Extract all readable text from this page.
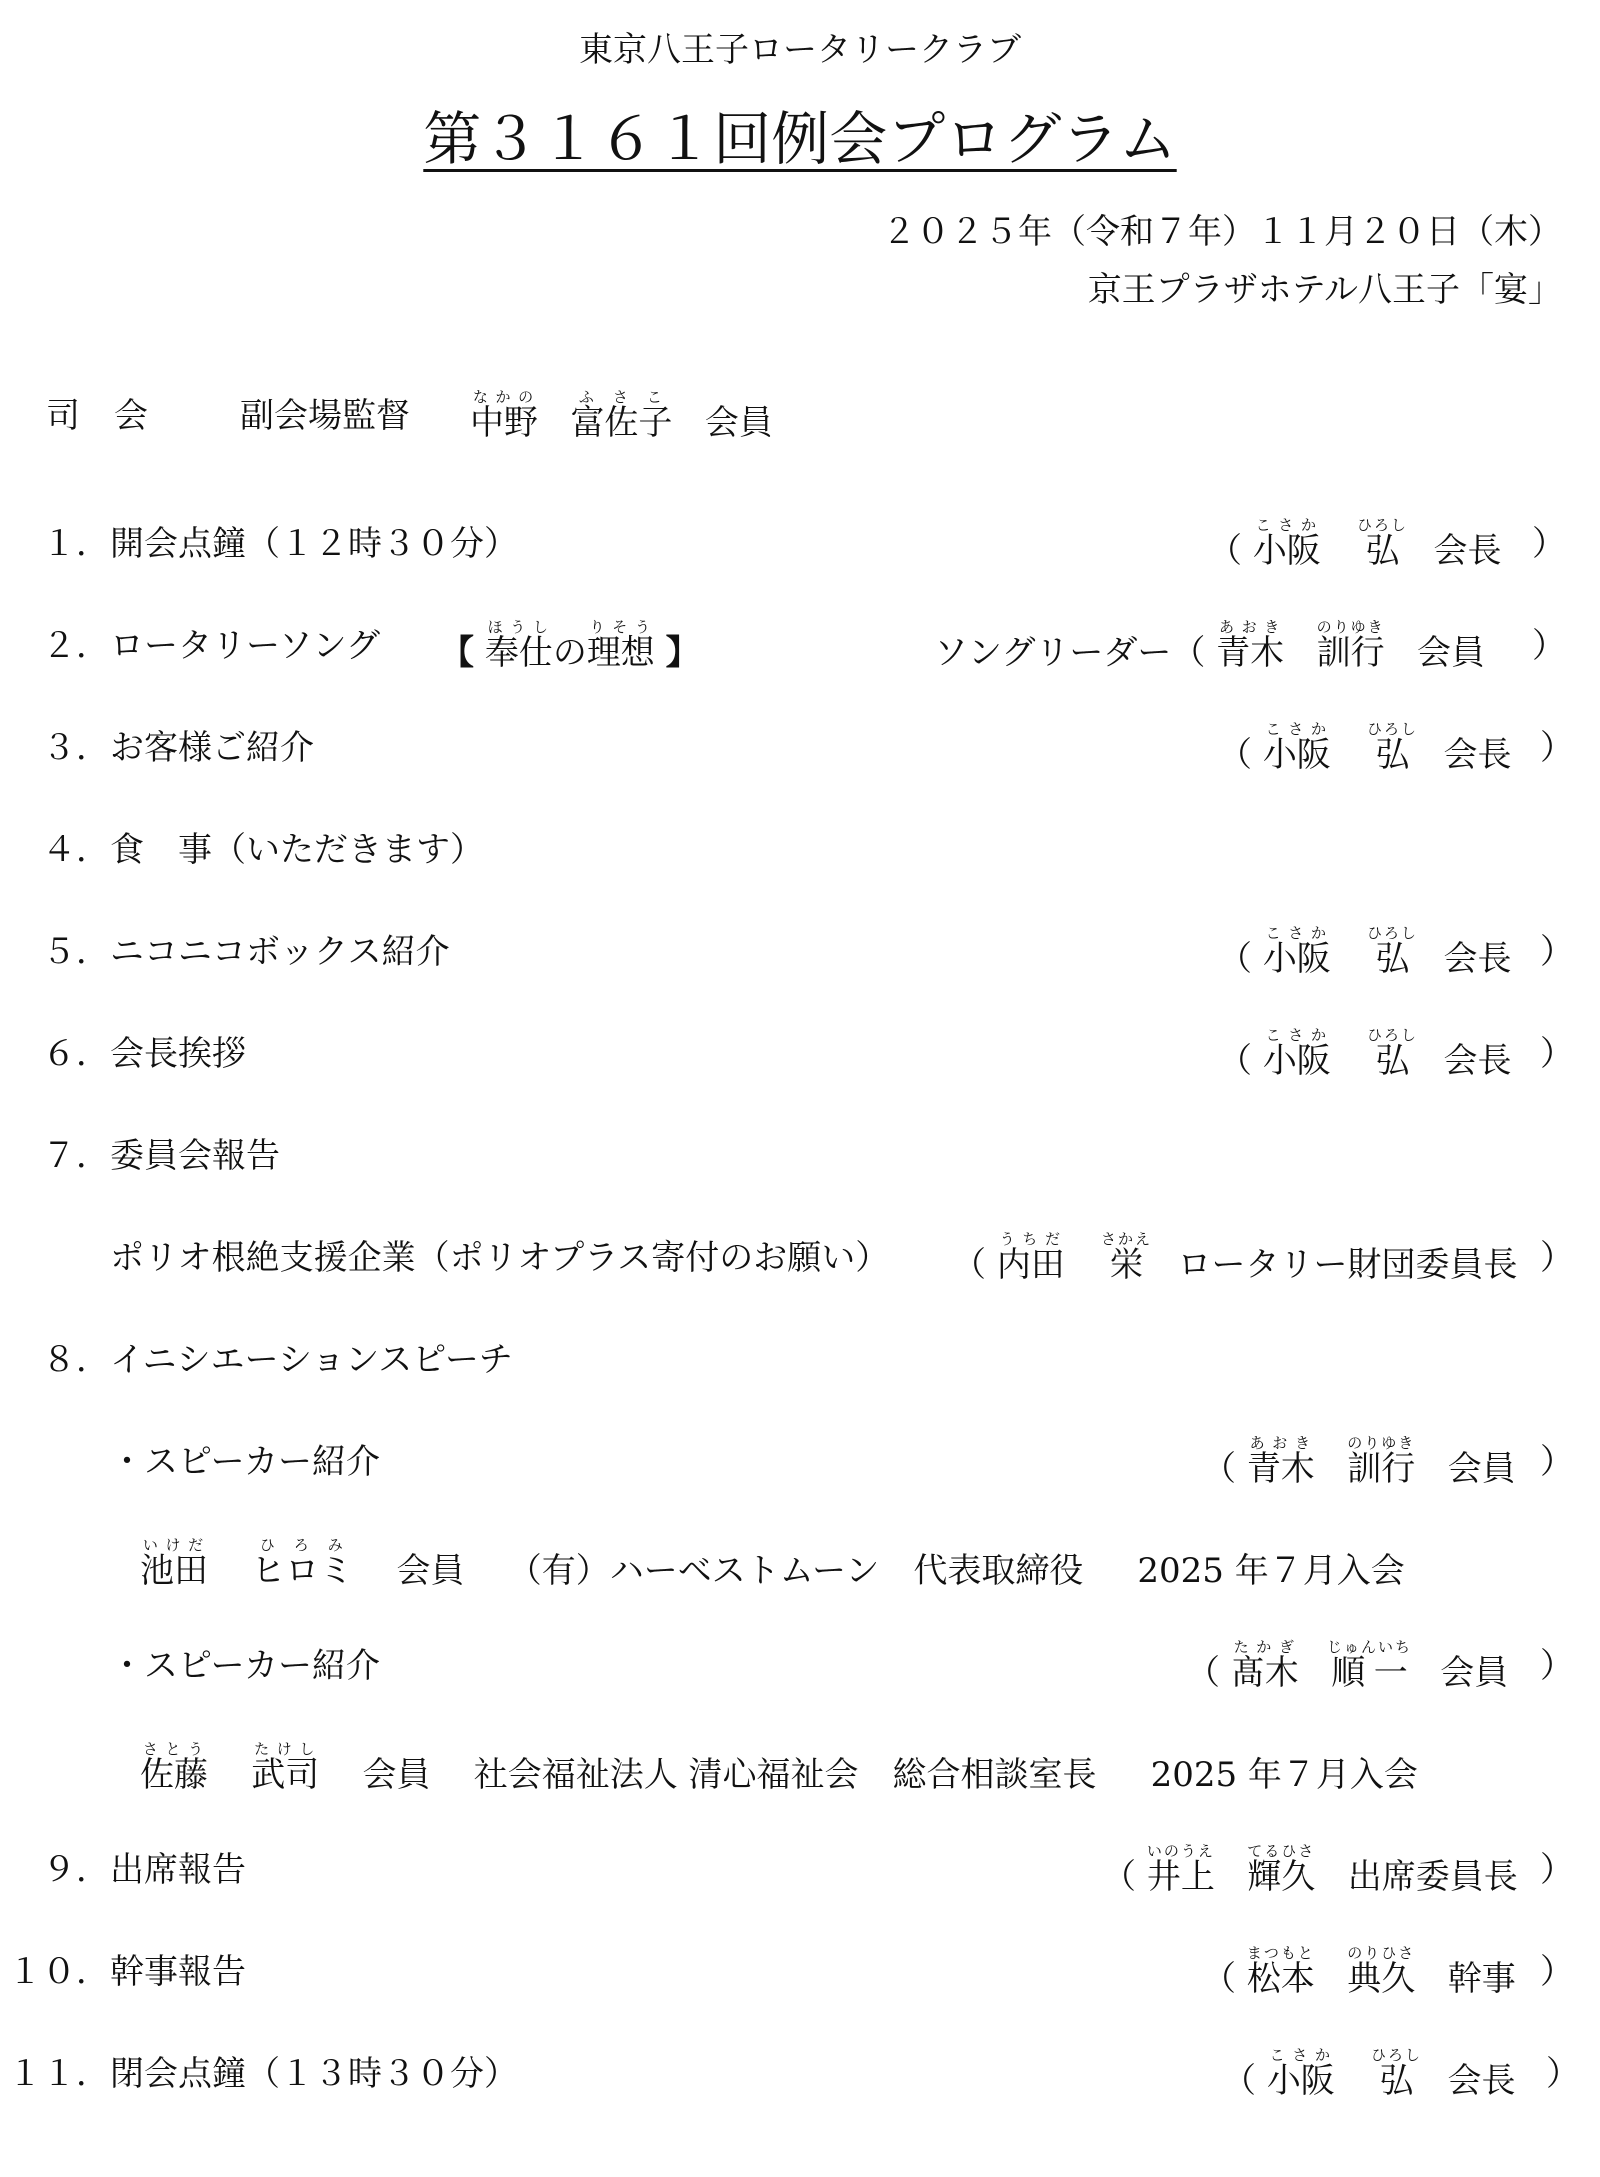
東京八王子ロータリークラブ
第３１６１回例会プログラム
２０２５年（令和７年）１１月２０日（木）
京王プラザホテル八王子「宴」
司　会	副会場監督 中野なかの   富佐子ふさこ   会員
１．開会点鐘（１２時３０分）	（ 小阪こさか    弘ひろし   会長 ）
２．ロータリーソング 【 奉仕ほうしの理想りそう 】	ソングリーダー（ 青木あおき   訓行のりゆき   会員 ）
３．お客様ご紹介	（ 小阪こさか    弘ひろし   会長 ）
４．食　事（いただきます）
５．ニコニコボックス紹介	（ 小阪こさか    弘ひろし   会長 ）
６．会長挨拶	（ 小阪こさか    弘ひろし   会長 ）
７．委員会報告
ポリオ根絶支援企業（ポリオプラス寄付のお願い） （ 内田うちだ    栄さかえ   ロータリー財団委員長 ）
８．イニシエーションスピーチ
・スピーカー紹介	（ 青木あおき   訓行のりゆき   会員 ）
池田いけだ    ヒロミひろみ    会員 （有）ハーベストムーン　代表取締役 2025 年７月入会
・スピーカー紹介	（ 髙木たかぎ   順一じゅんいち   会員 ）
佐藤さとう    武司たけし    会員 社会福祉法人 清心福祉会　総合相談室長 2025 年７月入会
９．出席報告	（ 井上いのうえ   輝久てるひさ   出席委員長 ）
１０．幹事報告	（ 松本まつもと   典久のりひさ   幹事 ）
１１．閉会点鐘（１３時３０分）	（ 小阪こさか    弘ひろし   会長 ）
